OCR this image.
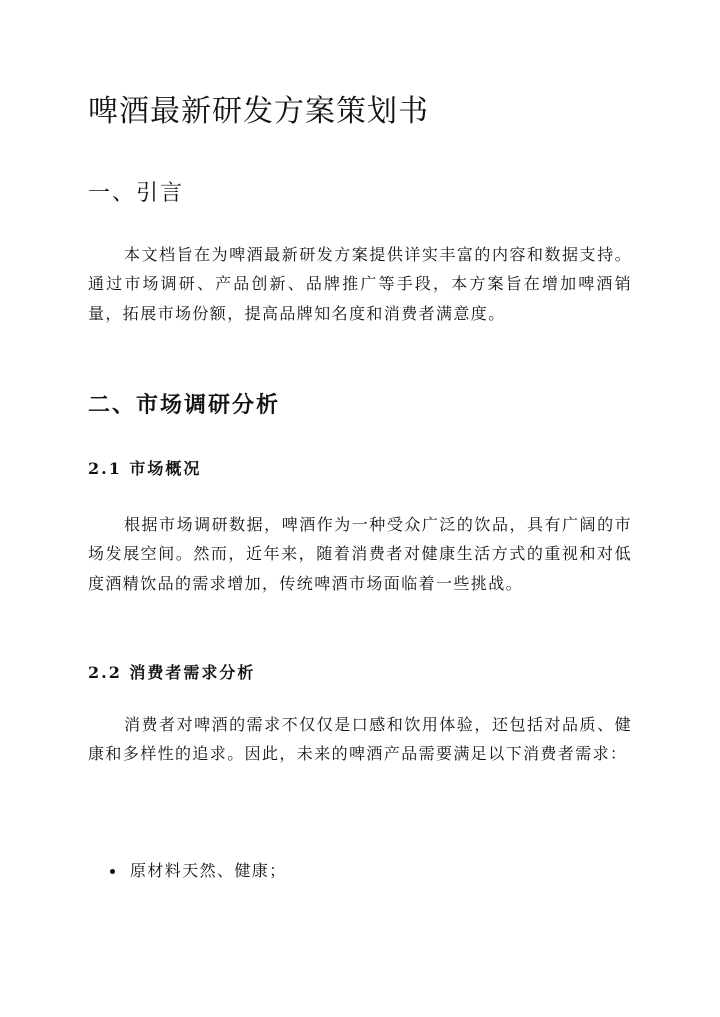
啤酒最新研发方案策划书
一、引言

本文档旨在为啤酒最新研发方案提供详实丰富的内容和数据支持。通过市场调研、产品创新、品牌推广等手段，本方案旨在增加啤酒销量，拓展市场份额，提高品牌知名度和消费者满意度。

二、市场调研分析
2.1 市场概况

根据市场调研数据，啤酒作为一种受众广泛的饮品，具有广阔的市场发展空间。然而，近年来，随着消费者对健康生活方式的重视和对低度酒精饮品的需求增加，传统啤酒市场面临着一些挑战。

2.2 消费者需求分析

消费者对啤酒的需求不仅仅是口感和饮用体验，还包括对品质、健康和多样性的追求。因此，未来的啤酒产品需要满足以下消费者需求：

原材料天然、健康；
